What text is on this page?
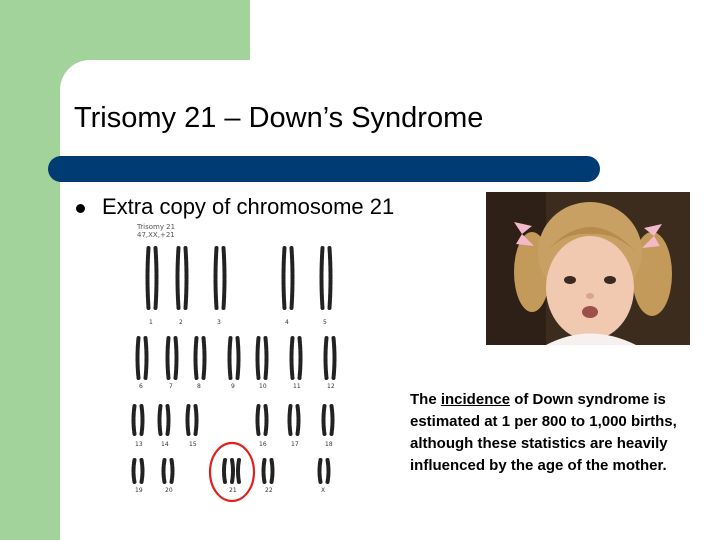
Trisomy 21 – Down’s Syndrome
Extra copy of chromosome 21
Trisomy 21
47,XX,+21
1	2	3	4	5
6	7	8	9	10	11	12
13	14	15	16	17	18
19	20	21	22	X
The incidence of Down syndrome is estimated at 1 per 800 to 1,000 births, although these statistics are heavily influenced by the age of the mother.
